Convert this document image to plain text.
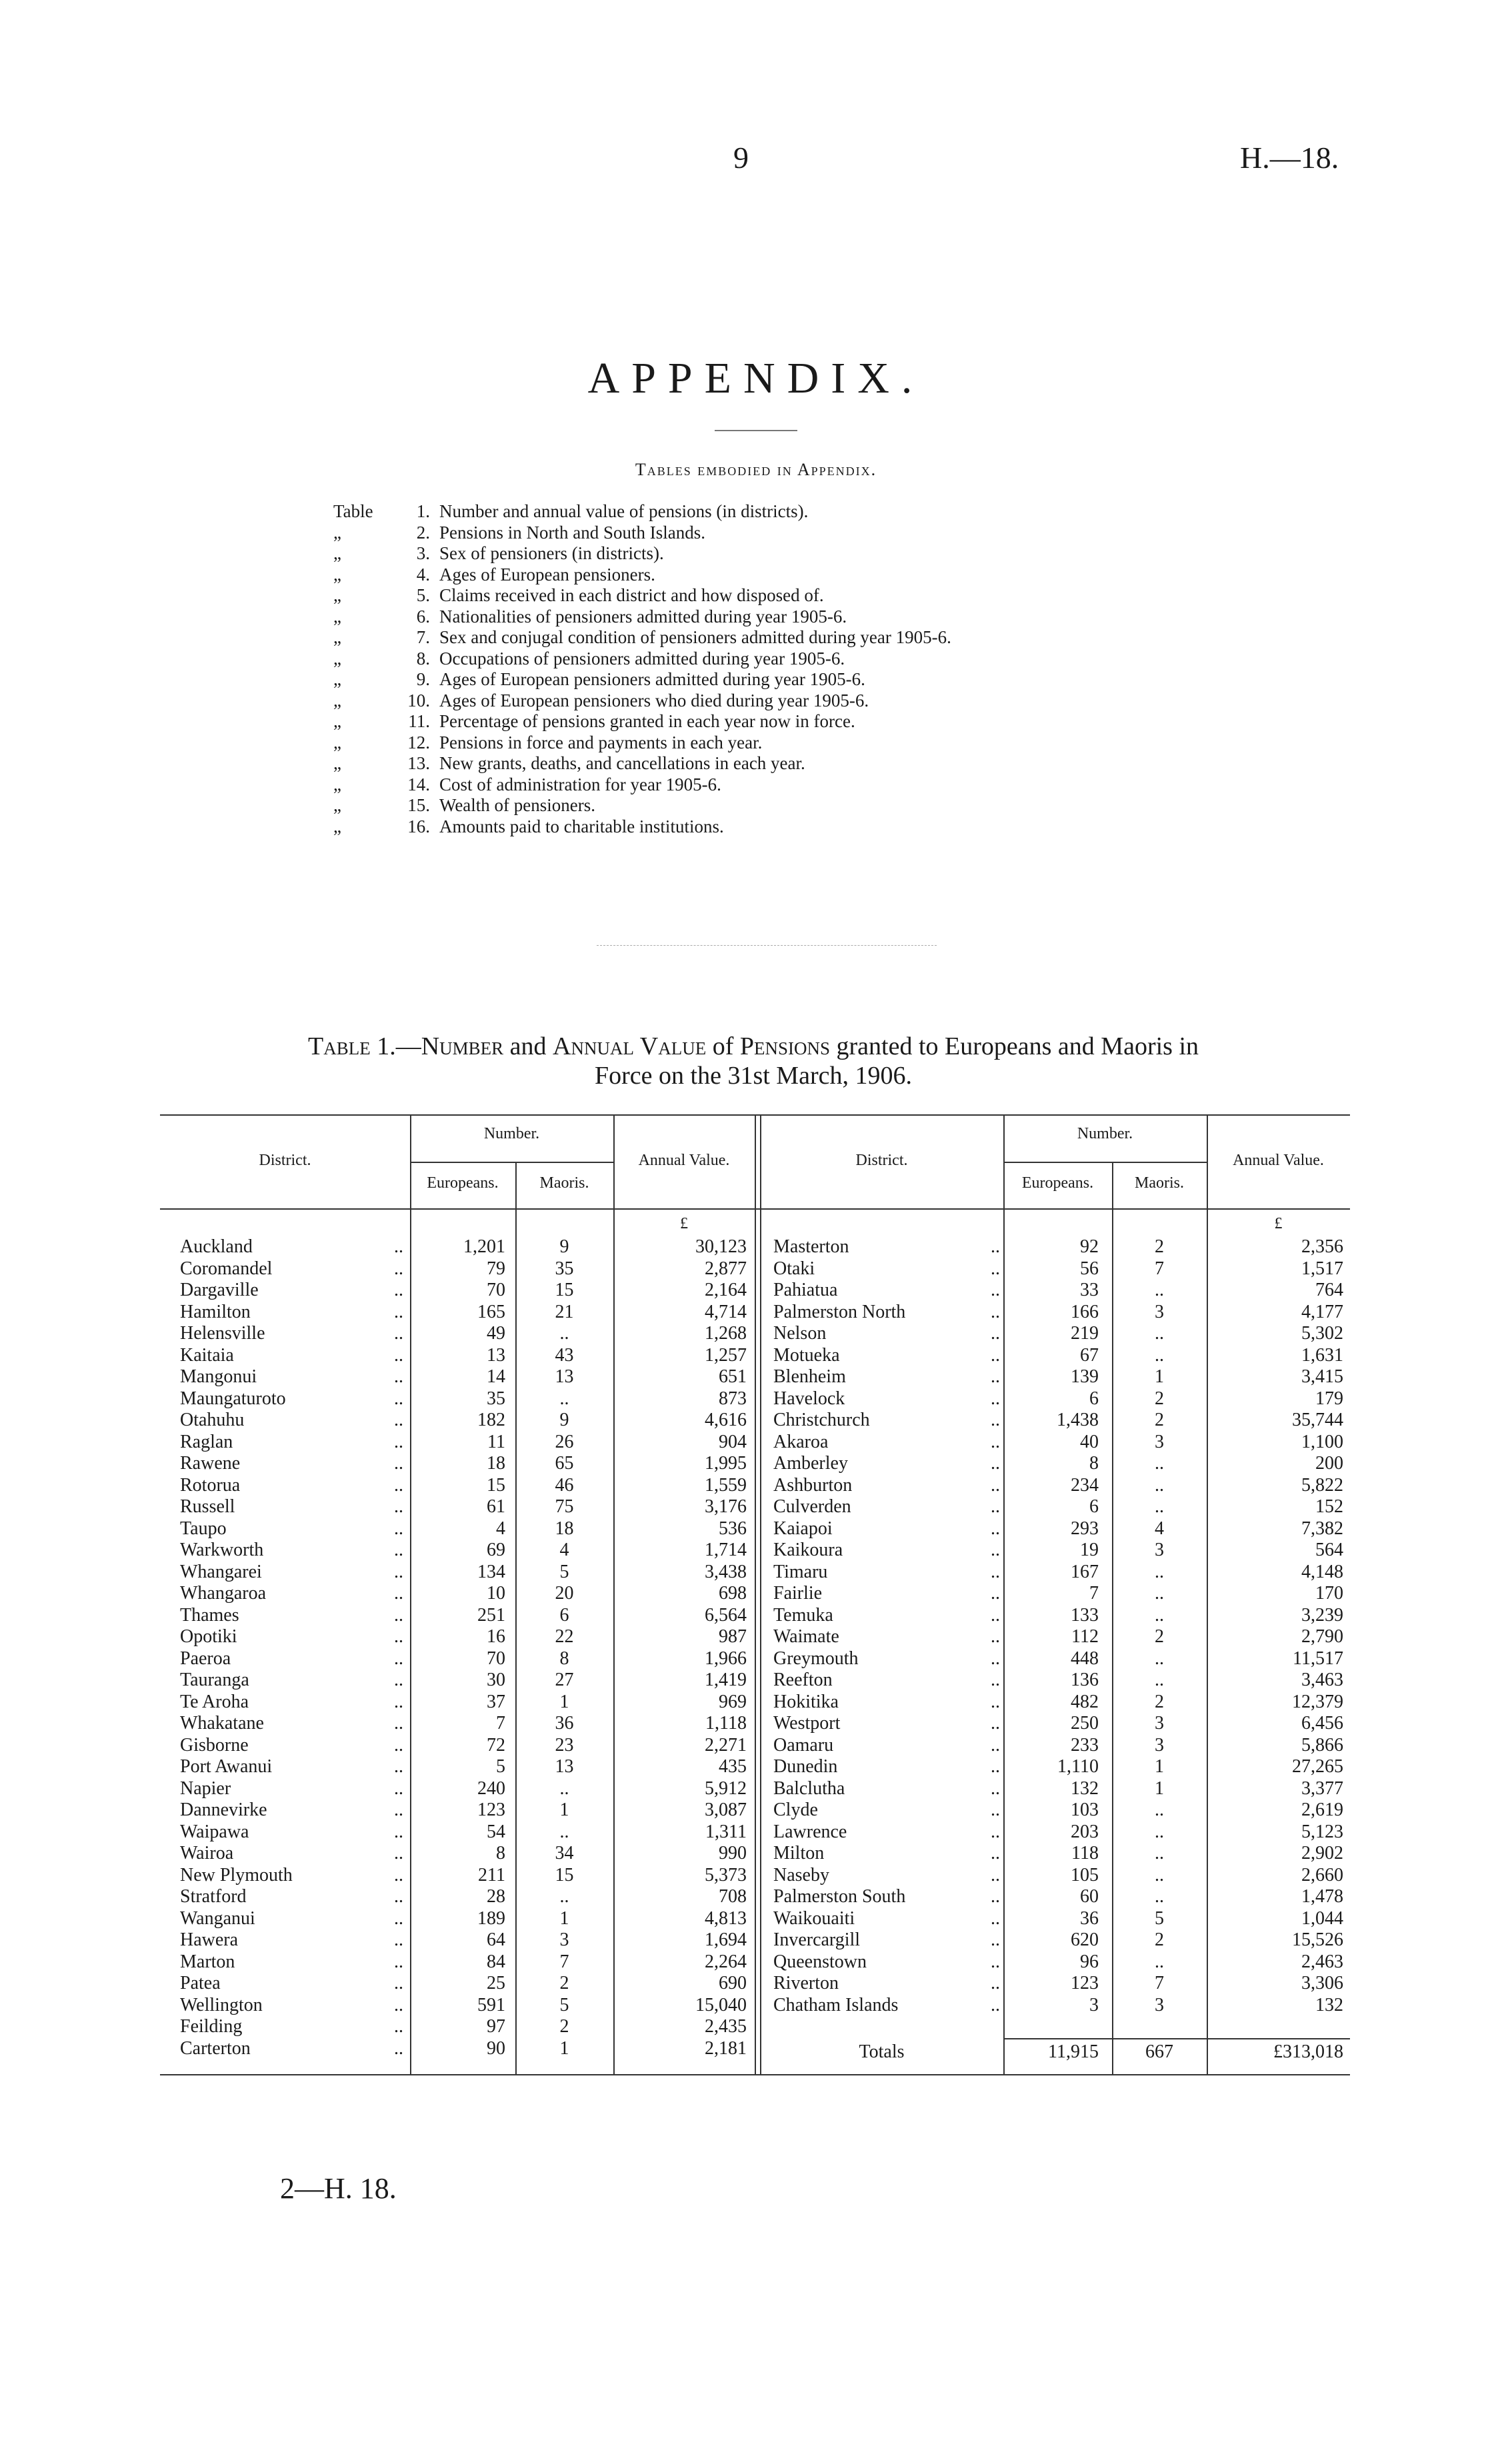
9	H.—18.
APPENDIX.
Tables embodied in Appendix.
Table	1. Number and annual value of pensions (in districts).
„	2. Pensions in North and South Islands.
„	3. Sex of pensioners (in districts).
„	4. Ages of European pensioners.
„	5. Claims received in each district and how disposed of.
„	6. Nationalities of pensioners admitted during year 1905-6.
„	7. Sex and conjugal condition of pensioners admitted during year 1905-6.
„	8. Occupations of pensioners admitted during year 1905-6.
„	9. Ages of European pensioners admitted during year 1905-6.
„	10. Ages of European pensioners who died during year 1905-6.
„	11. Percentage of pensions granted in each year now in force.
„	12. Pensions in force and payments in each year.
„	13. New grants, deaths, and cancellations in each year.
„	14. Cost of administration for year 1905-6.
„	15. Wealth of pensioners.
„	16. Amounts paid to charitable institutions.
Table 1.—Number and Annual Value of Pensions granted to Europeans and Maoris in
Force on the 31st March, 1906.
District.
Number.
Europeans.	Maoris.
Annual Value.	District.
Number.
Europeans.	Maoris.
Annual Value.
£	£
Auckland	..	1,201	9	30,123
Coromandel	..	79	35	2,877
Dargaville	..	70	15	2,164
Hamilton	..	165	21	4,714
Helensville	..	49	..	1,268
Kaitaia	..	13	43	1,257
Mangonui	..	14	13	651
Maungaturoto	..	35	..	873
Otahuhu	..	182	9	4,616
Raglan	..	11	26	904
Rawene	..	18	65	1,995
Rotorua	..	15	46	1,559
Russell	..	61	75	3,176
Taupo	..	4	18	536
Warkworth	..	69	4	1,714
Whangarei	..	134	5	3,438
Whangaroa	..	10	20	698
Thames	..	251	6	6,564
Opotiki	..	16	22	987
Paeroa	..	70	8	1,966
Tauranga	..	30	27	1,419
Te Aroha	..	37	1	969
Whakatane	..	7	36	1,118
Gisborne	..	72	23	2,271
Port Awanui	..	5	13	435
Napier	..	240	..	5,912
Dannevirke	..	123	1	3,087
Waipawa	..	54	..	1,311
Wairoa	..	8	34	990
New Plymouth	..	211	15	5,373
Stratford	..	28	..	708
Wanganui	..	189	1	4,813
Hawera	..	64	3	1,694
Marton	..	84	7	2,264
Patea	..	25	2	690
Wellington	..	591	5	15,040
Feilding	..	97	2	2,435
Carterton	..	90	1	2,181
Masterton	..	92	2	2,356
Otaki	..	56	7	1,517
Pahiatua	..	33	..	764
Palmerston North	..	166	3	4,177
Nelson	..	219	..	5,302
Motueka	..	67	..	1,631
Blenheim	..	139	1	3,415
Havelock	..	6	2	179
Christchurch	..	1,438	2	35,744
Akaroa	..	40	3	1,100
Amberley	..	8	..	200
Ashburton	..	234	..	5,822
Culverden	..	6	..	152
Kaiapoi	..	293	4	7,382
Kaikoura	..	19	3	564
Timaru	..	167	..	4,148
Fairlie	..	7	..	170
Temuka	..	133	..	3,239
Waimate	..	112	2	2,790
Greymouth	..	448	..	11,517
Reefton	..	136	..	3,463
Hokitika	..	482	2	12,379
Westport	..	250	3	6,456
Oamaru	..	233	3	5,866
Dunedin	..	1,110	1	27,265
Balclutha	..	132	1	3,377
Clyde	..	103	..	2,619
Lawrence	..	203	..	5,123
Milton	..	118	..	2,902
Naseby	..	105	..	2,660
Palmerston South	..	60	..	1,478
Waikouaiti	..	36	5	1,044
Invercargill	..	620	2	15,526
Queenstown	..	96	..	2,463
Riverton	..	123	7	3,306
Chatham Islands	..	3	3	132
Totals	11,915	667	£313,018
2—H. 18.
